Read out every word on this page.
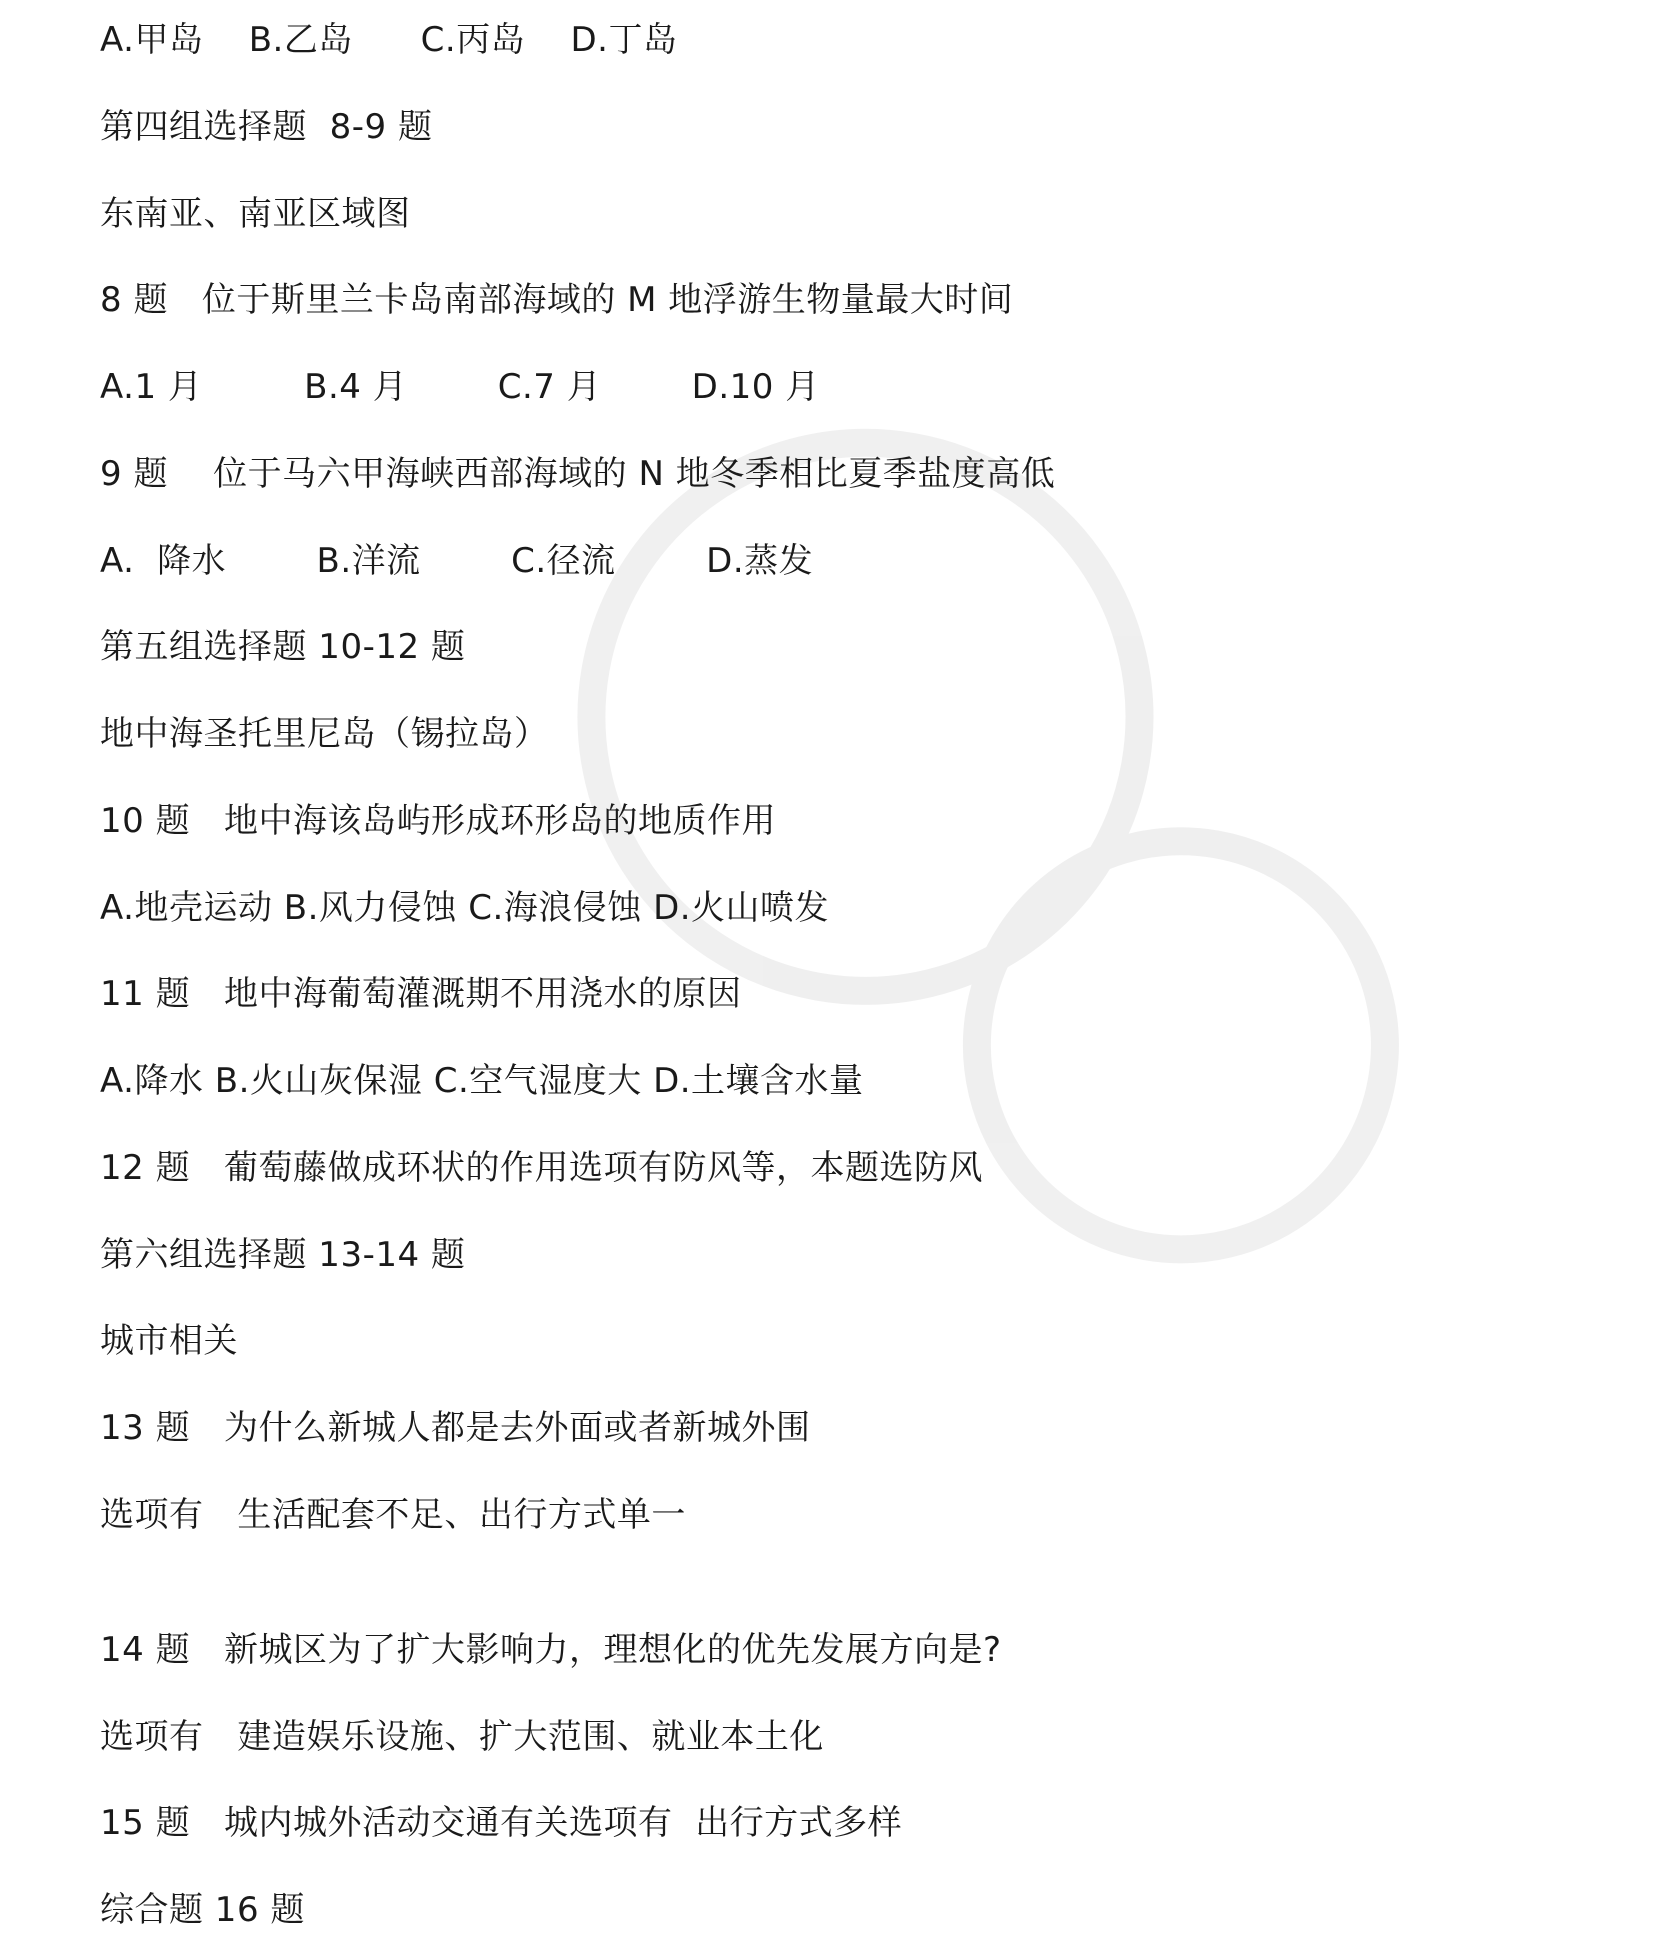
A.甲岛    B.乙岛      C.丙岛    D.丁岛
第四组选择题  8-9 题
东南亚、南亚区域图
8 题   位于斯里兰卡岛南部海域的 M 地浮游生物量最大时间
A.1 月         B.4 月        C.7 月        D.10 月
9 题    位于马六甲海峡西部海域的 N 地冬季相比夏季盐度高低
A.  降水        B.洋流        C.径流        D.蒸发
第五组选择题 10-12 题
地中海圣托里尼岛（锡拉岛）
10 题   地中海该岛屿形成环形岛的地质作用
A.地壳运动 B.风力侵蚀 C.海浪侵蚀 D.火山喷发
11 题   地中海葡萄灌溉期不用浇水的原因
A.降水 B.火山灰保湿 C.空气湿度大 D.土壤含水量
12 题   葡萄藤做成环状的作用选项有防风等，本题选防风
第六组选择题 13-14 题
城市相关
13 题   为什么新城人都是去外面或者新城外围
选项有   生活配套不足、出行方式单一
14 题   新城区为了扩大影响力，理想化的优先发展方向是?
选项有   建造娱乐设施、扩大范围、就业本土化
15 题   城内城外活动交通有关选项有  出行方式多样
综合题 16 题
